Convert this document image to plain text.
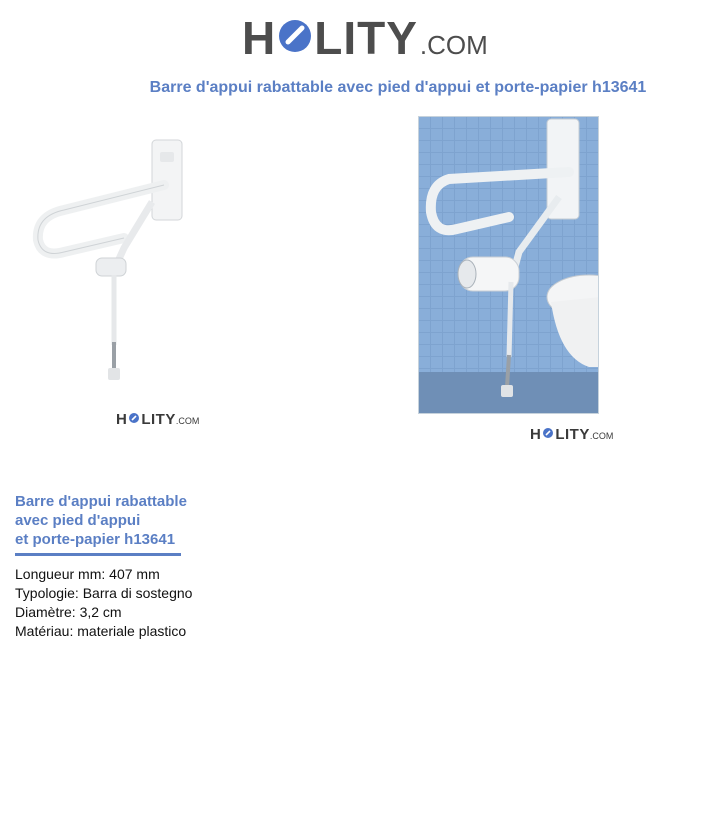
H LITY .COM
Barre d'appui rabattable avec pied d'appui et porte-papier h13641
H LITY .COM
H LITY .COM
Barre d'appui rabattable
avec pied d'appui
et porte-papier h13641
Longueur mm: 407 mm
Typologie: Barra di sostegno
Diamètre: 3,2 cm
Matériau: materiale plastico
